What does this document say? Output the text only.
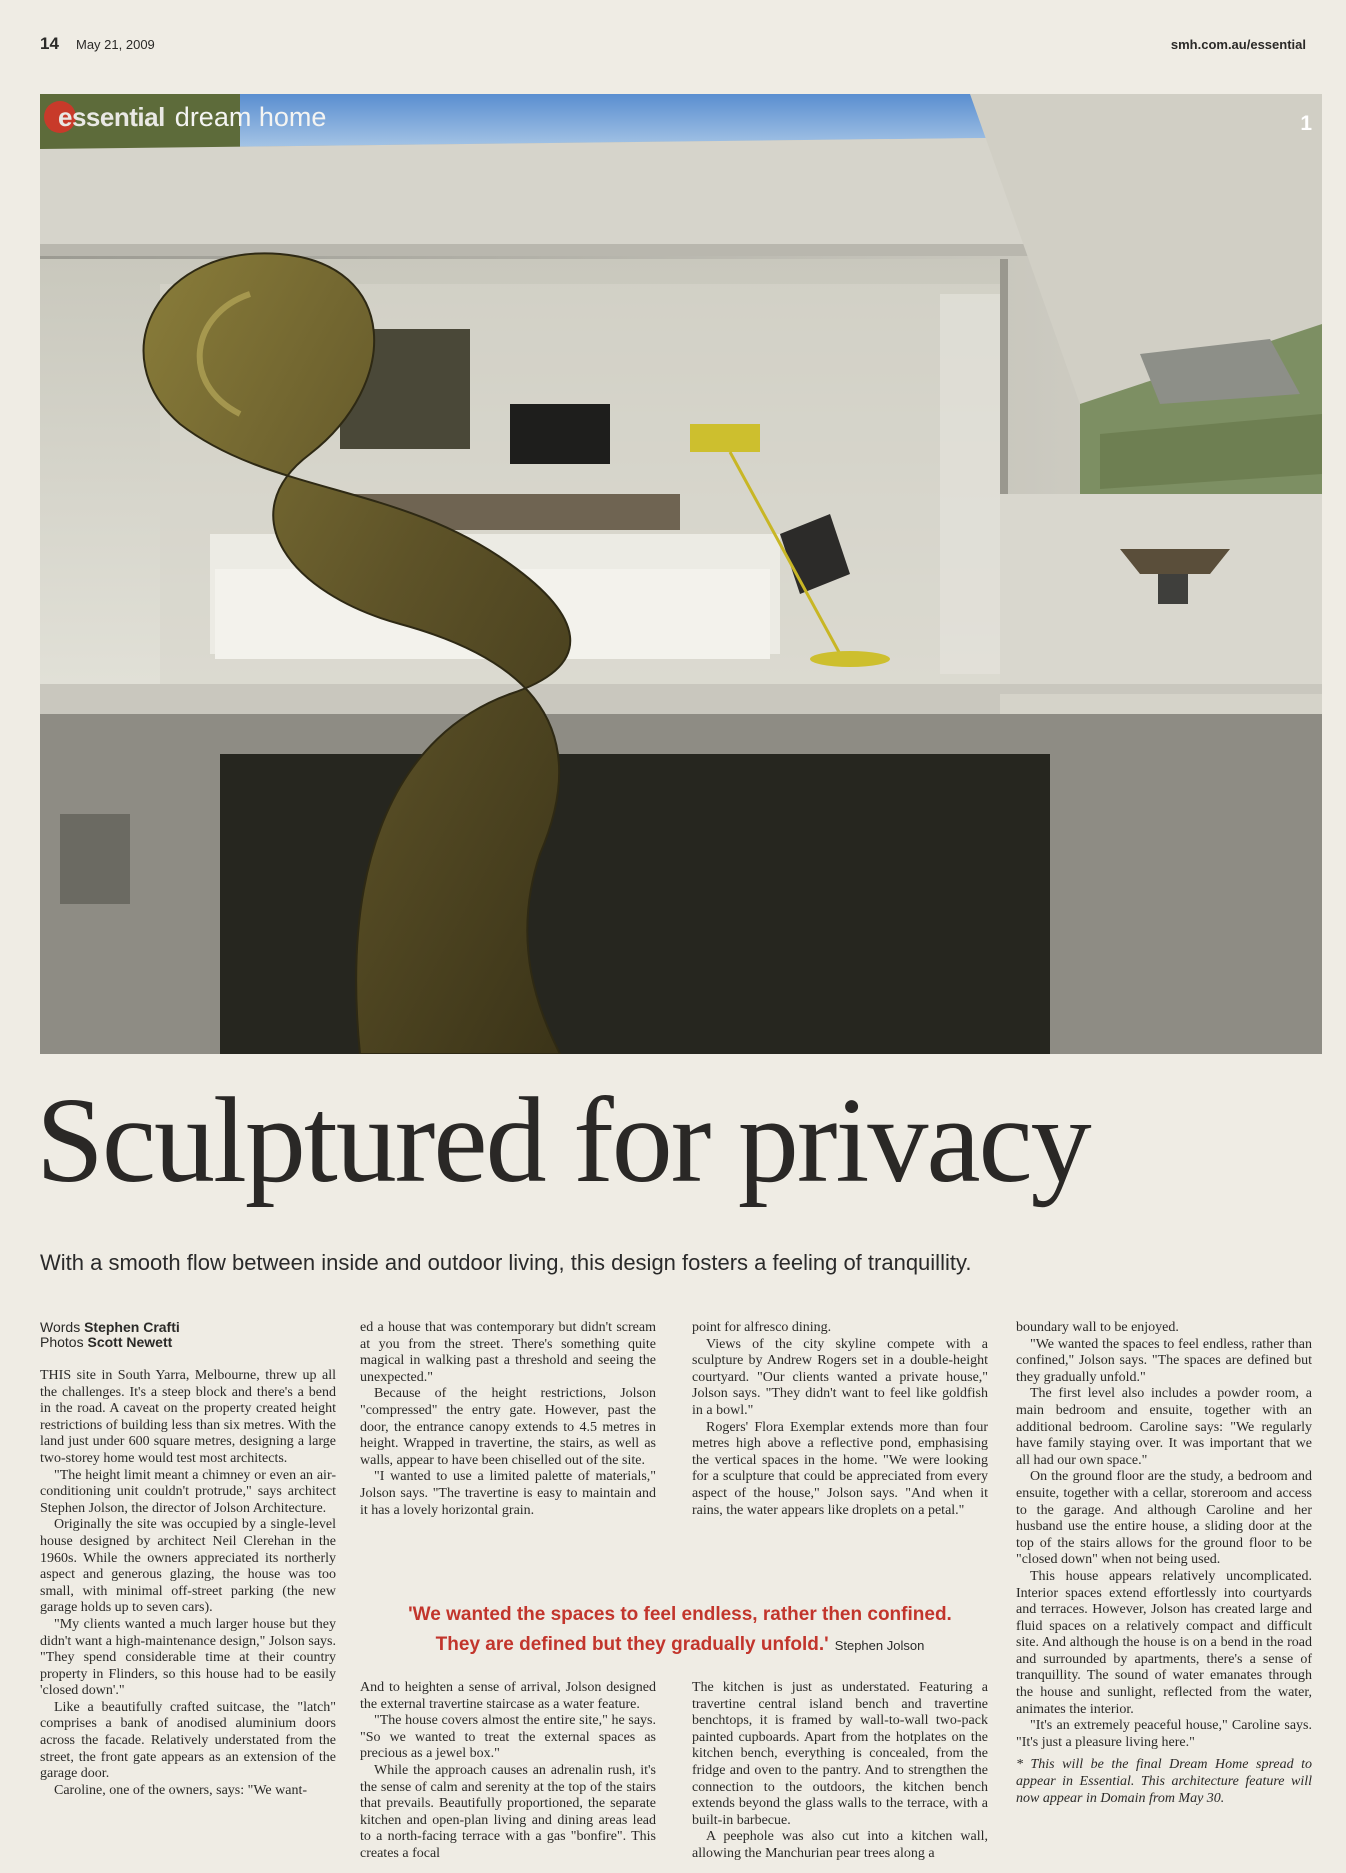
14 May 21, 2009	smh.com.au/essential
essential dream home	1
Sculptured for privacy
With a smooth flow between inside and outdoor living, this design fosters a feeling of tranquillity.
Words Stephen Crafti
Photos Scott Newett

THIS site in South Yarra, Melbourne, threw up all the challenges. It's a steep block and there's a bend in the road. A caveat on the property created height restrictions of building less than six metres. With the land just under 600 square metres, designing a large two-storey home would test most architects.

"The height limit meant a chimney or even an air-conditioning unit couldn't protrude," says architect Stephen Jolson, the director of Jolson Architecture.

Originally the site was occupied by a single-level house designed by architect Neil Clerehan in the 1960s. While the owners appreciated its northerly aspect and generous glazing, the house was too small, with minimal off-street parking (the new garage holds up to seven cars).

"My clients wanted a much larger house but they didn't want a high-maintenance design," Jolson says. "They spend considerable time at their country property in Flinders, so this house had to be easily 'closed down'."

Like a beautifully crafted suitcase, the "latch" comprises a bank of anodised aluminium doors across the facade. Relatively understated from the street, the front gate appears as an extension of the garage door.

Caroline, one of the owners, says: "We want-

ed a house that was contemporary but didn't scream at you from the street. There's something quite magical in walking past a threshold and seeing the unexpected."

Because of the height restrictions, Jolson "compressed" the entry gate. However, past the door, the entrance canopy extends to 4.5 metres in height. Wrapped in travertine, the stairs, as well as walls, appear to have been chiselled out of the site.

"I wanted to use a limited palette of materials," Jolson says. "The travertine is easy to maintain and it has a lovely horizontal grain.

point for alfresco dining.

Views of the city skyline compete with a sculpture by Andrew Rogers set in a double-height courtyard. "Our clients wanted a private house," Jolson says. "They didn't want to feel like goldfish in a bowl."

Rogers' Flora Exemplar extends more than four metres high above a reflective pond, emphasising the vertical spaces in the home. "We were looking for a sculpture that could be appreciated from every aspect of the house," Jolson says. "And when it rains, the water appears like droplets on a petal."

'We wanted the spaces to feel endless, rather then confined.
They are defined but they gradually unfold.' Stephen Jolson

And to heighten a sense of arrival, Jolson designed the external travertine staircase as a water feature.

"The house covers almost the entire site," he says. "So we wanted to treat the external spaces as precious as a jewel box."

While the approach causes an adrenalin rush, it's the sense of calm and serenity at the top of the stairs that prevails. Beautifully proportioned, the separate kitchen and open-plan living and dining areas lead to a north-facing terrace with a gas "bonfire". This creates a focal

The kitchen is just as understated. Featuring a travertine central island bench and travertine benchtops, it is framed by wall-to-wall two-pack painted cupboards. Apart from the hotplates on the kitchen bench, everything is concealed, from the fridge and oven to the pantry. And to strengthen the connection to the outdoors, the kitchen bench extends beyond the glass walls to the terrace, with a built-in barbecue.

A peephole was also cut into a kitchen wall, allowing the Manchurian pear trees along a

boundary wall to be enjoyed.

"We wanted the spaces to feel endless, rather than confined," Jolson says. "The spaces are defined but they gradually unfold."

The first level also includes a powder room, a main bedroom and ensuite, together with an additional bedroom. Caroline says: "We regularly have family staying over. It was important that we all had our own space."

On the ground floor are the study, a bedroom and ensuite, together with a cellar, storeroom and access to the garage. And although Caroline and her husband use the entire house, a sliding door at the top of the stairs allows for the ground floor to be "closed down" when not being used.

This house appears relatively uncomplicated. Interior spaces extend effortlessly into courtyards and terraces. However, Jolson has created large and fluid spaces on a relatively compact and difficult site. And although the house is on a bend in the road and surrounded by apartments, there's a sense of tranquillity. The sound of water emanates through the house and sunlight, reflected from the water, animates the interior.

"It's an extremely peaceful house," Caroline says. "It's just a pleasure living here."

* This will be the final Dream Home spread to appear in Essential. This architecture feature will now appear in Domain from May 30.
